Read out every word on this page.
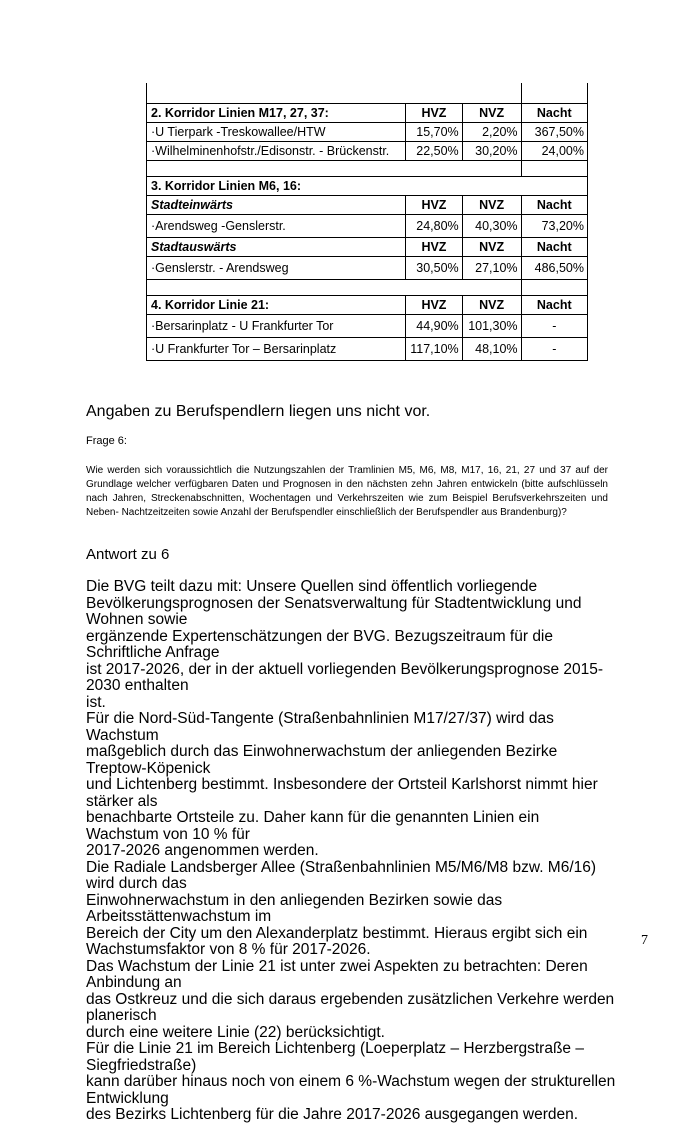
2. Korridor Linien M17, 27, 37:	HVZ	NVZ	Nacht
·U Tierpark -Treskowallee/HTW	15,70%	2,20%	367,50%
·Wilhelminenhofstr./Edisonstr. - Brückenstr.	22,50%	30,20%	24,00%

3. Korridor Linien M6, 16:			
Stadteinwärts	HVZ	NVZ	Nacht
·Arendsweg -Genslerstr.	24,80%	40,30%	73,20%
Stadtauswärts	HVZ	NVZ	Nacht
·Genslerstr. - Arendsweg	30,50%	27,10%	486,50%

4. Korridor Linie 21:	HVZ	NVZ	Nacht
·Bersarinplatz - U Frankfurter Tor	44,90%	101,30%	-
·U Frankfurter Tor – Bersarinplatz	117,10%	48,10%	-
Angaben zu Berufspendlern liegen uns nicht vor.
Frage 6:
Wie werden sich voraussichtlich die Nutzungszahlen der Tramlinien M5, M6, M8, M17, 16, 21, 27 und 37 auf der Grundlage welcher verfügbaren Daten und Prognosen in den nächsten zehn Jahren entwickeln (bitte aufschlüsseln nach Jahren, Streckenabschnitten, Wochentagen und Verkehrszeiten wie zum Beispiel Berufsverkehrszeiten und Neben- Nachtzeitzeiten sowie Anzahl der Berufspendler einschließlich der Berufspendler aus Brandenburg)?
Antwort zu 6
Die BVG teilt dazu mit: Unsere Quellen sind öffentlich vorliegende
Bevölkerungsprognosen der Senatsverwaltung für Stadtentwicklung und Wohnen sowie
ergänzende Expertenschätzungen der BVG. Bezugszeitraum für die Schriftliche Anfrage
ist 2017-2026, der in der aktuell vorliegenden Bevölkerungsprognose 2015-2030 enthalten
ist.
Für die Nord-Süd-Tangente (Straßenbahnlinien M17/27/37) wird das Wachstum
maßgeblich durch das Einwohnerwachstum der anliegenden Bezirke Treptow-Köpenick
und Lichtenberg bestimmt. Insbesondere der Ortsteil Karlshorst nimmt hier stärker als
benachbarte Ortsteile zu. Daher kann für die genannten Linien ein Wachstum von 10 % für
2017-2026 angenommen werden.
Die Radiale Landsberger Allee (Straßenbahnlinien M5/M6/M8 bzw. M6/16) wird durch das
Einwohnerwachstum in den anliegenden Bezirken sowie das Arbeitsstättenwachstum im
Bereich der City um den Alexanderplatz bestimmt. Hieraus ergibt sich ein
Wachstumsfaktor von 8 % für 2017-2026.
Das Wachstum der Linie 21 ist unter zwei Aspekten zu betrachten: Deren Anbindung an
das Ostkreuz und die sich daraus ergebenden zusätzlichen Verkehre werden planerisch
durch eine weitere Linie (22) berücksichtigt.
Für die Linie 21 im Bereich Lichtenberg (Loeperplatz – Herzbergstraße – Siegfriedstraße)
kann darüber hinaus noch von einem 6 %-Wachstum wegen der strukturellen Entwicklung
des Bezirks Lichtenberg für die Jahre 2017-2026 ausgegangen werden.
7
